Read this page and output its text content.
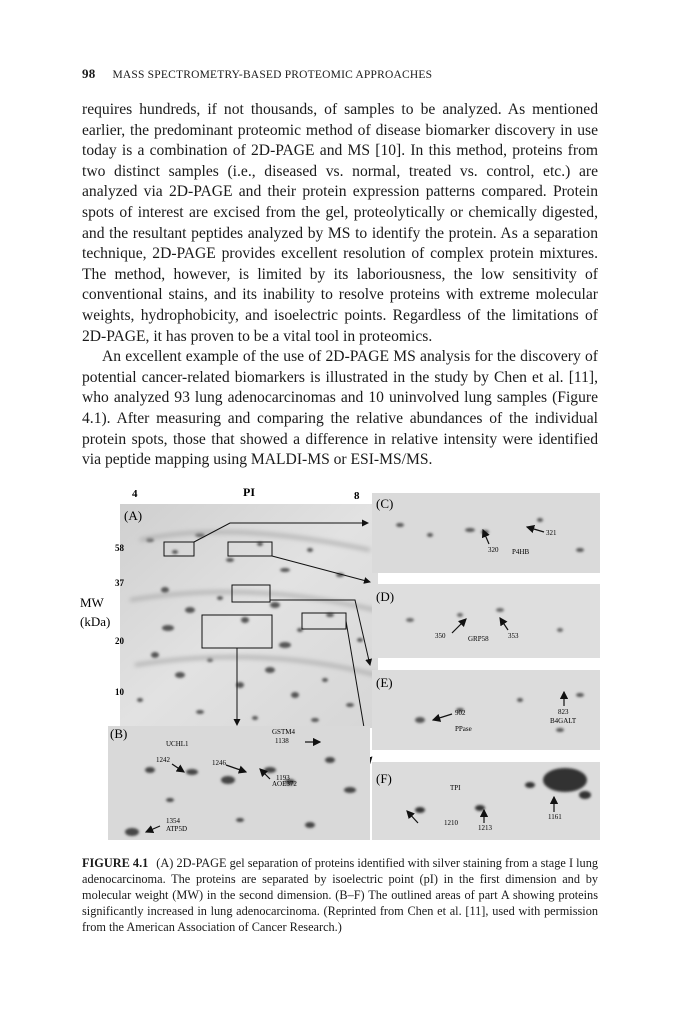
98 MASS SPECTROMETRY-BASED PROTEOMIC APPROACHES

requires hundreds, if not thousands, of samples to be analyzed. As mentioned earlier, the predominant proteomic method of disease biomarker discovery in use today is a combination of 2D-PAGE and MS [10]. In this method, proteins from two distinct samples (i.e., diseased vs. normal, treated vs. control, etc.) are analyzed via 2D-PAGE and their protein expression patterns compared. Protein spots of interest are excised from the gel, proteolytically or chemically digested, and the resultant peptides analyzed by MS to identify the protein. As a separation technique, 2D-PAGE provides excellent resolution of complex protein mixtures. The method, however, is limited by its laboriousness, the low sensitivity of conventional stains, and its inability to resolve proteins with extreme molecular weights, hydrophobicity, and isoelectric points. Regardless of the limitations of 2D-PAGE, it has proven to be a vital tool in proteomics.

An excellent example of the use of 2D-PAGE MS analysis for the discovery of potential cancer-related biomarkers is illustrated in the study by Chen et al. [11], who analyzed 93 lung adenocarcinomas and 10 uninvolved lung samples (Figure 4.1). After measuring and comparing the relative abundances of the individual protein spots, those that showed a difference in relative intensity were identified via peptide mapping using MALDI-MS or ESI-MS/MS.

4	PI	8
(A)
58
37
MW
(kDa)
20
10
(B)	GSTM4
1138
UCHL1
1242	1246
1193
AOE372
1354
ATP5D
(C)
321
320 P4HB
(D)
350	GRP58	353
(E)
902
PPase
823
B4GALT
(F)
TPI
1210
1213
1161
FIGURE 4.1 (A) 2D-PAGE gel separation of proteins identified with silver staining from a stage I lung adenocarcinoma. The proteins are separated by isoelectric point (pI) in the first dimension and by molecular weight (MW) in the second dimension. (B–F) The outlined areas of part A showing proteins significantly increased in lung adenocarcinoma. (Reprinted from Chen et al. [11], used with permission from the American Association of Cancer Research.)
